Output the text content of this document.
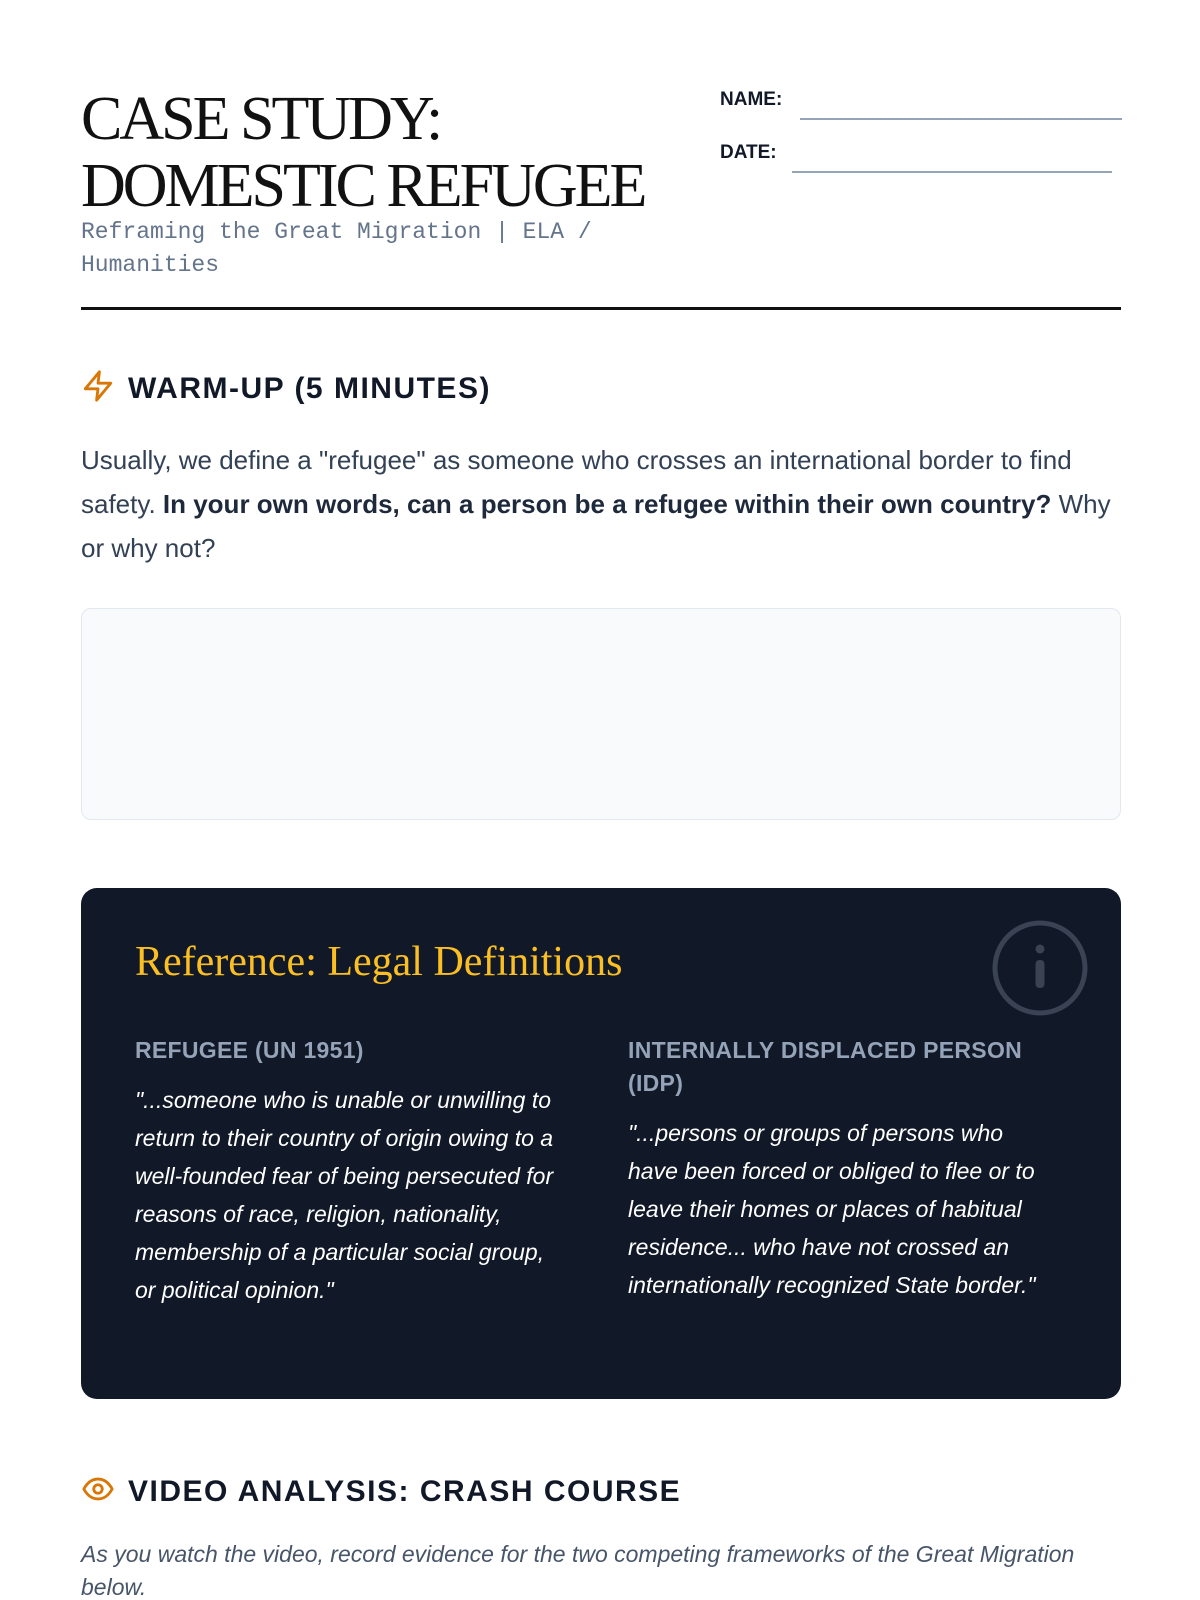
CASE STUDY: DOMESTIC REFUGEE
Reframing the Great Migration | ELA / Humanities
NAME:
DATE:
WARM-UP (5 MINUTES)

Usually, we define a "refugee" as someone who crosses an international border to find safety. In your own words, can a person be a refugee within their own country? Why or why not?

Reference: Legal Definitions
REFUGEE (UN 1951)
"...someone who is unable or unwilling to return to their country of origin owing to a well-founded fear of being persecuted for reasons of race, religion, nationality, membership of a particular social group, or political opinion."
INTERNALLY DISPLACED PERSON (IDP)
"...persons or groups of persons who have been forced or obliged to flee or to leave their homes or places of habitual residence... who have not crossed an internationally recognized State border."
VIDEO ANALYSIS: CRASH COURSE

As you watch the video, record evidence for the two competing frameworks of the Great Migration below.
